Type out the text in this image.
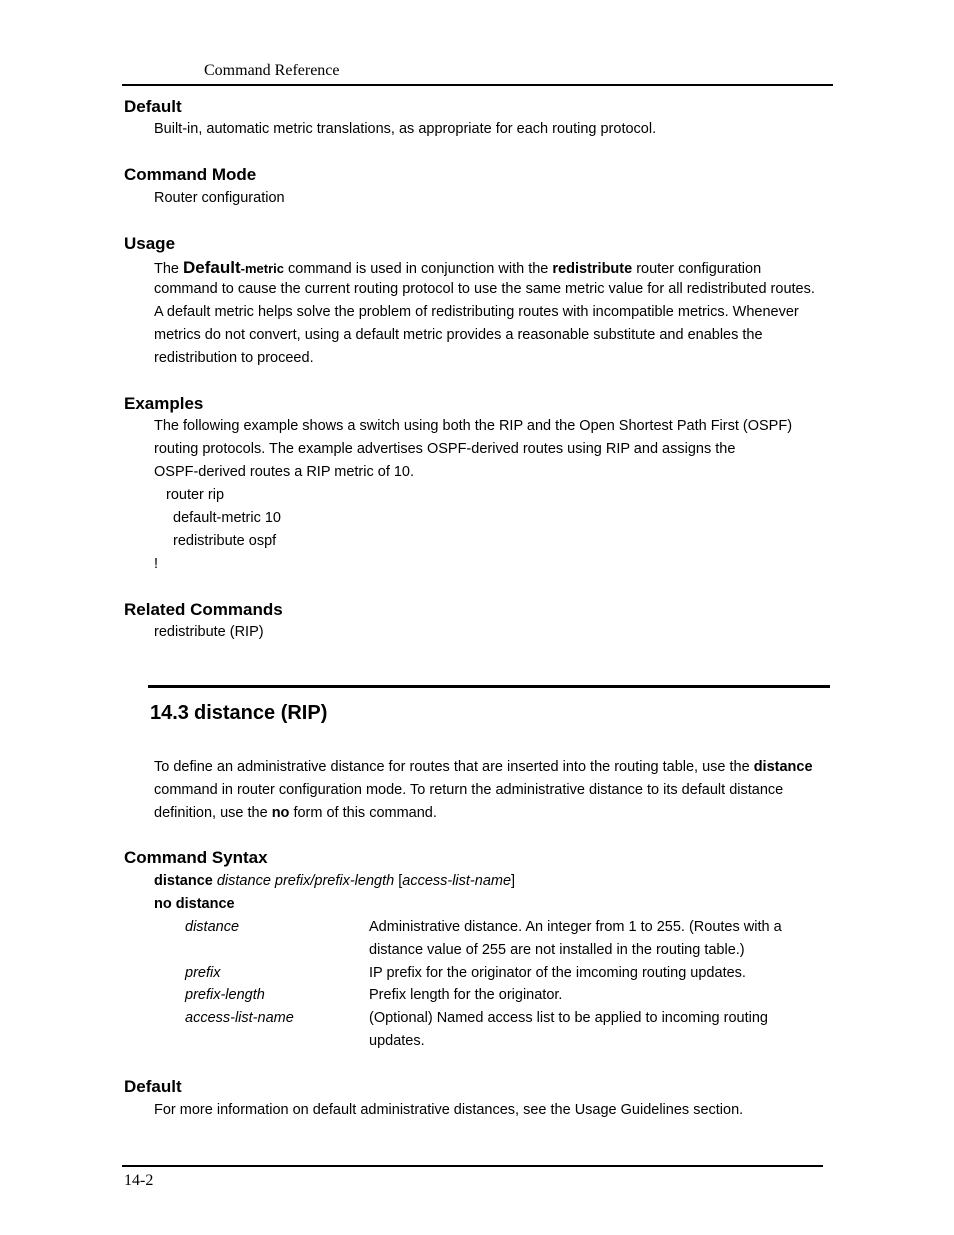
Command Reference
Default

Built-in, automatic metric translations, as appropriate for each routing protocol.

Command Mode

Router configuration

Usage

The Default-metric command is used in conjunction with the redistribute router configuration

command to cause the current routing protocol to use the same metric value for all redistributed routes.

A default metric helps solve the problem of redistributing routes with incompatible metrics. Whenever

metrics do not convert, using a default metric provides a reasonable substitute and enables the

redistribution to proceed.

Examples

The following example shows a switch using both the RIP and the Open Shortest Path First (OSPF)

routing protocols. The example advertises OSPF-derived routes using RIP and assigns the

OSPF-derived routes a RIP metric of 10.

router rip
default-metric 10
redistribute ospf
!
Related Commands

redistribute (RIP)

14.3 distance (RIP)

To define an administrative distance for routes that are inserted into the routing table, use the distance

command in router configuration mode. To return the administrative distance to its default distance

definition, use the no form of this command.

Command Syntax

distance distance prefix/prefix-length [access-list-name]

no distance

distance	Administrative distance. An integer from 1 to 255. (Routes with a
distance value of 255 are not installed in the routing table.)
prefix	IP prefix for the originator of the imcoming routing updates.
prefix-length	Prefix length for the originator.
access-list-name	(Optional) Named access list to be applied to incoming routing
updates.
Default

For more information on default administrative distances, see the Usage Guidelines section.

14-2
